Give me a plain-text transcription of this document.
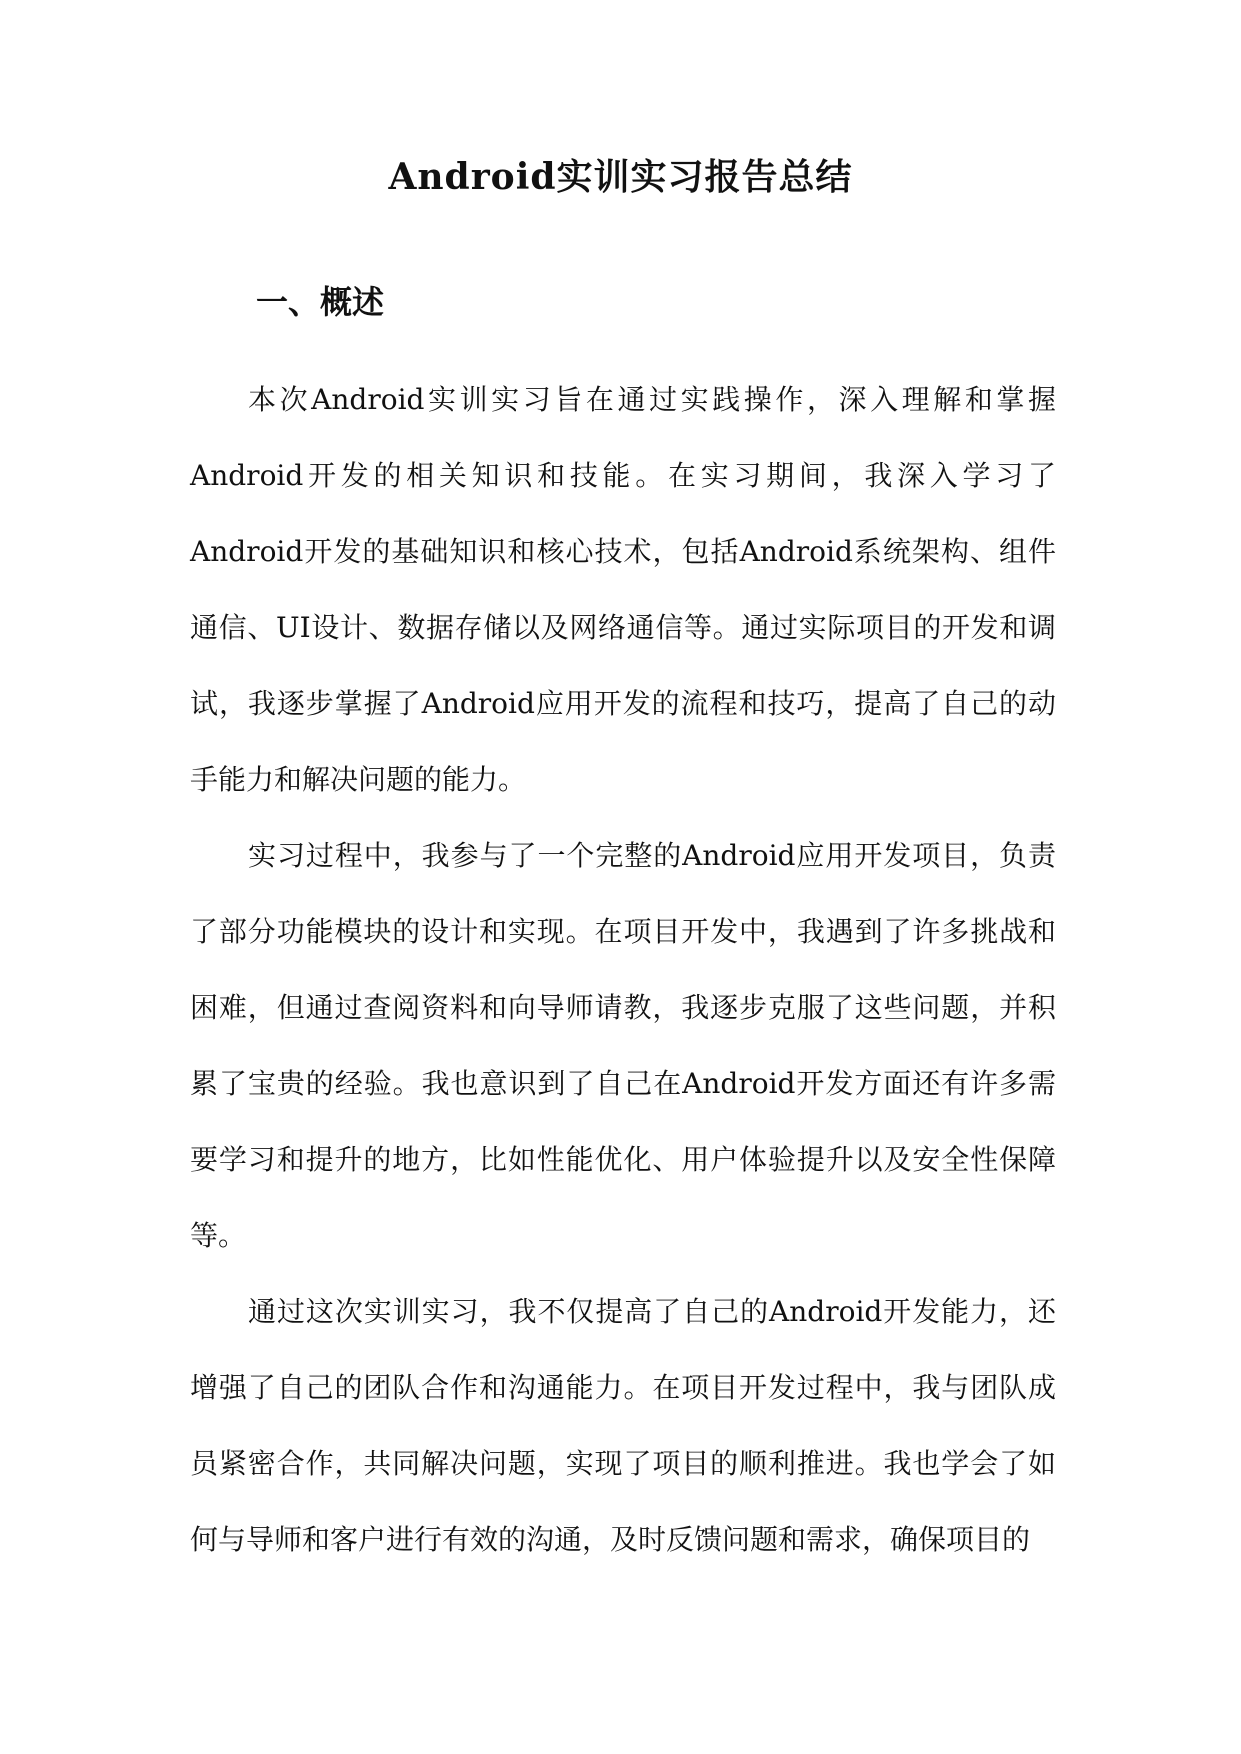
Android实训实习报告总结
一、概述

本次Android实训实习旨在通过实践操作，深入理解和掌握Android开发的相关知识和技能。在实习期间，我深入学习了Android开发的基础知识和核心技术，包括Android系统架构、组件通信、UI设计、数据存储以及网络通信等。通过实际项目的开发和调试，我逐步掌握了Android应用开发的流程和技巧，提高了自己的动手能力和解决问题的能力。

实习过程中，我参与了一个完整的Android应用开发项目，负责了部分功能模块的设计和实现。在项目开发中，我遇到了许多挑战和困难，但通过查阅资料和向导师请教，我逐步克服了这些问题，并积累了宝贵的经验。我也意识到了自己在Android开发方面还有许多需要学习和提升的地方，比如性能优化、用户体验提升以及安全性保障等。

通过这次实训实习，我不仅提高了自己的Android开发能力，还增强了自己的团队合作和沟通能力。在项目开发过程中，我与团队成员紧密合作，共同解决问题，实现了项目的顺利推进。我也学会了如何与导师和客户进行有效的沟通，及时反馈问题和需求，确保项目的
